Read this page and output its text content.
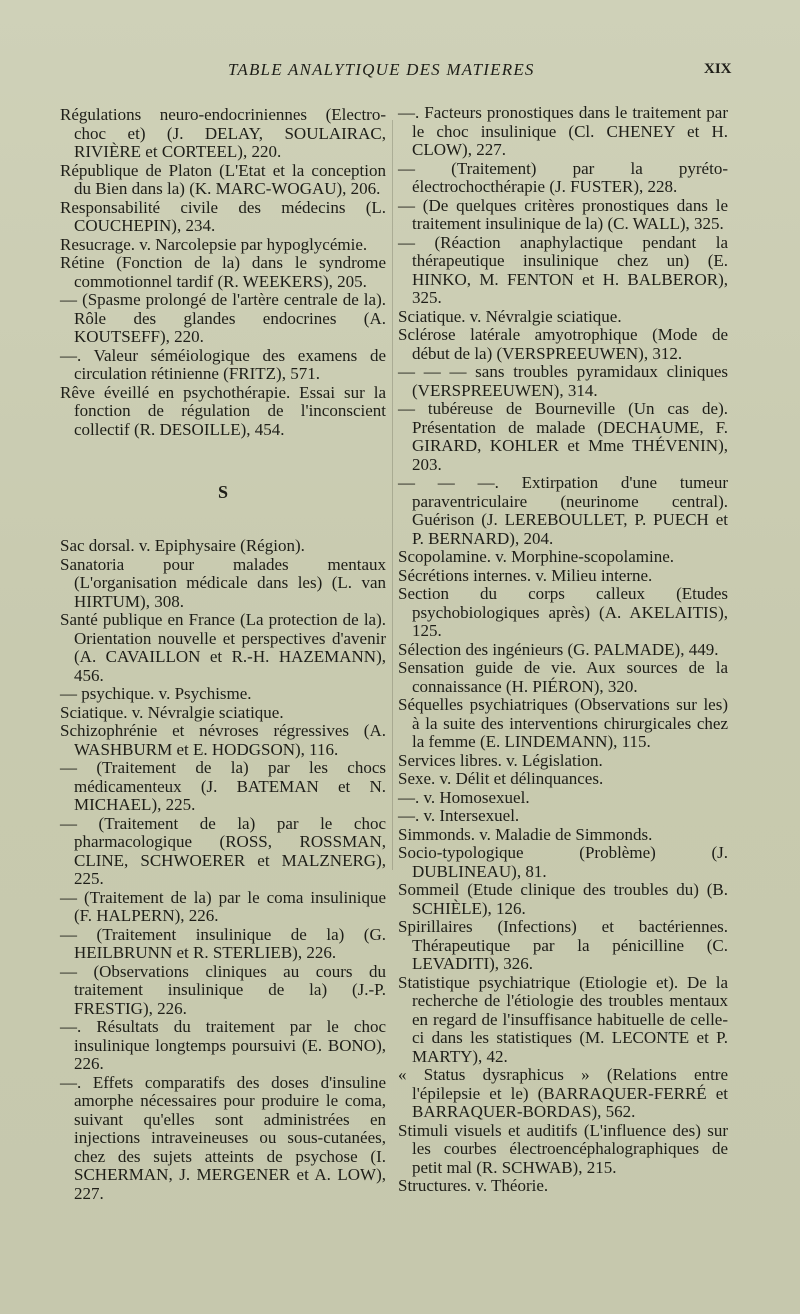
TABLE ANALYTIQUE DES MATIERES	XIX

Régulations neuro-endocriniennes (Electro-choc et) (J. DELAY, SOULAIRAC, RIVIÈRE et CORTEEL), 220.

République de Platon (L'Etat et la conception du Bien dans la) (K. MARC-WOGAU), 206.

Responsabilité civile des médecins (L. COUCHEPIN), 234.

Resucrage. v. Narcolepsie par hypoglycémie.

Rétine (Fonction de la) dans le syndrome commotionnel tardif (R. WEEKERS), 205.

— (Spasme prolongé de l'artère centrale de la). Rôle des glandes endocrines (A. KOUTSEFF), 220.

—. Valeur séméiologique des examens de circulation rétinienne (FRITZ), 571.

Rêve éveillé en psychothérapie. Essai sur la fonction de régulation de l'inconscient collectif (R. DESOILLE), 454.

S

Sac dorsal. v. Epiphysaire (Région).

Sanatoria pour malades mentaux (L'organisation médicale dans les) (L. van HIRTUM), 308.

Santé publique en France (La protection de la). Orientation nouvelle et perspectives d'avenir (A. CAVAILLON et R.-H. HAZEMANN), 456.

— psychique. v. Psychisme.

Sciatique. v. Névralgie sciatique.

Schizophrénie et névroses régressives (A. WASHBURM et E. HODGSON), 116.

— (Traitement de la) par les chocs médicamenteux (J. BATEMAN et N. MICHAEL), 225.

— (Traitement de la) par le choc pharmacologique (ROSS, ROSSMAN, CLINE, SCHWOERER et MALZNERG), 225.

— (Traitement de la) par le coma insulinique (F. HALPERN), 226.

— (Traitement insulinique de la) (G. HEILBRUNN et R. STERLIEB), 226.

— (Observations cliniques au cours du traitement insulinique de la) (J.-P. FRESTIG), 226.

—. Résultats du traitement par le choc insulinique longtemps poursuivi (E. BONO), 226.

—. Effets comparatifs des doses d'insuline amorphe nécessaires pour produire le coma, suivant qu'elles sont administrées en injections intraveineuses ou sous-cutanées, chez des sujets atteints de psychose (I. SCHERMAN, J. MERGENER et A. LOW), 227.

—. Facteurs pronostiques dans le traitement par le choc insulinique (Cl. CHENEY et H. CLOW), 227.

— (Traitement) par la pyréto-électrochocthérapie (J. FUSTER), 228.

— (De quelques critères pronostiques dans le traitement insulinique de la) (C. WALL), 325.

— (Réaction anaphylactique pendant la thérapeutique insulinique chez un) (E. HINKO, M. FENTON et H. BALBEROR), 325.

Sciatique. v. Névralgie sciatique.

Sclérose latérale amyotrophique (Mode de début de la) (VERSPREEUWEN), 312.

— — — sans troubles pyramidaux cliniques (VERSPREEUWEN), 314.

— tubéreuse de Bourneville (Un cas de). Présentation de malade (DECHAUME, F. GIRARD, KOHLER et Mme THÉVENIN), 203.

— — —. Extirpation d'une tumeur paraventriculaire (neurinome central). Guérison (J. LEREBOULLET, P. PUECH et P. BERNARD), 204.

Scopolamine. v. Morphine-scopolamine.

Sécrétions internes. v. Milieu interne.

Section du corps calleux (Etudes psychobiologiques après) (A. AKELAITIS), 125.

Sélection des ingénieurs (G. PALMADE), 449.

Sensation guide de vie. Aux sources de la connaissance (H. PIÉRON), 320.

Séquelles psychiatriques (Observations sur les) à la suite des interventions chirurgicales chez la femme (E. LINDEMANN), 115.

Services libres. v. Législation.

Sexe. v. Délit et délinquances.

—. v. Homosexuel.

—. v. Intersexuel.

Simmonds. v. Maladie de Simmonds.

Socio-typologique (Problème) (J. DUBLINEAU), 81.

Sommeil (Etude clinique des troubles du) (B. SCHIÈLE), 126.

Spirillaires (Infections) et bactériennes. Thérapeutique par la pénicilline (C. LEVADITI), 326.

Statistique psychiatrique (Etiologie et). De la recherche de l'étiologie des troubles mentaux en regard de l'insuffisance habituelle de celle-ci dans les statistiques (M. LECONTE et P. MARTY), 42.

« Status dysraphicus » (Relations entre l'épilepsie et le) (BARRAQUER-FERRÉ et BARRAQUER-BORDAS), 562.

Stimuli visuels et auditifs (L'influence des) sur les courbes électroencéphalographiques de petit mal (R. SCHWAB), 215.

Structures. v. Théorie.
